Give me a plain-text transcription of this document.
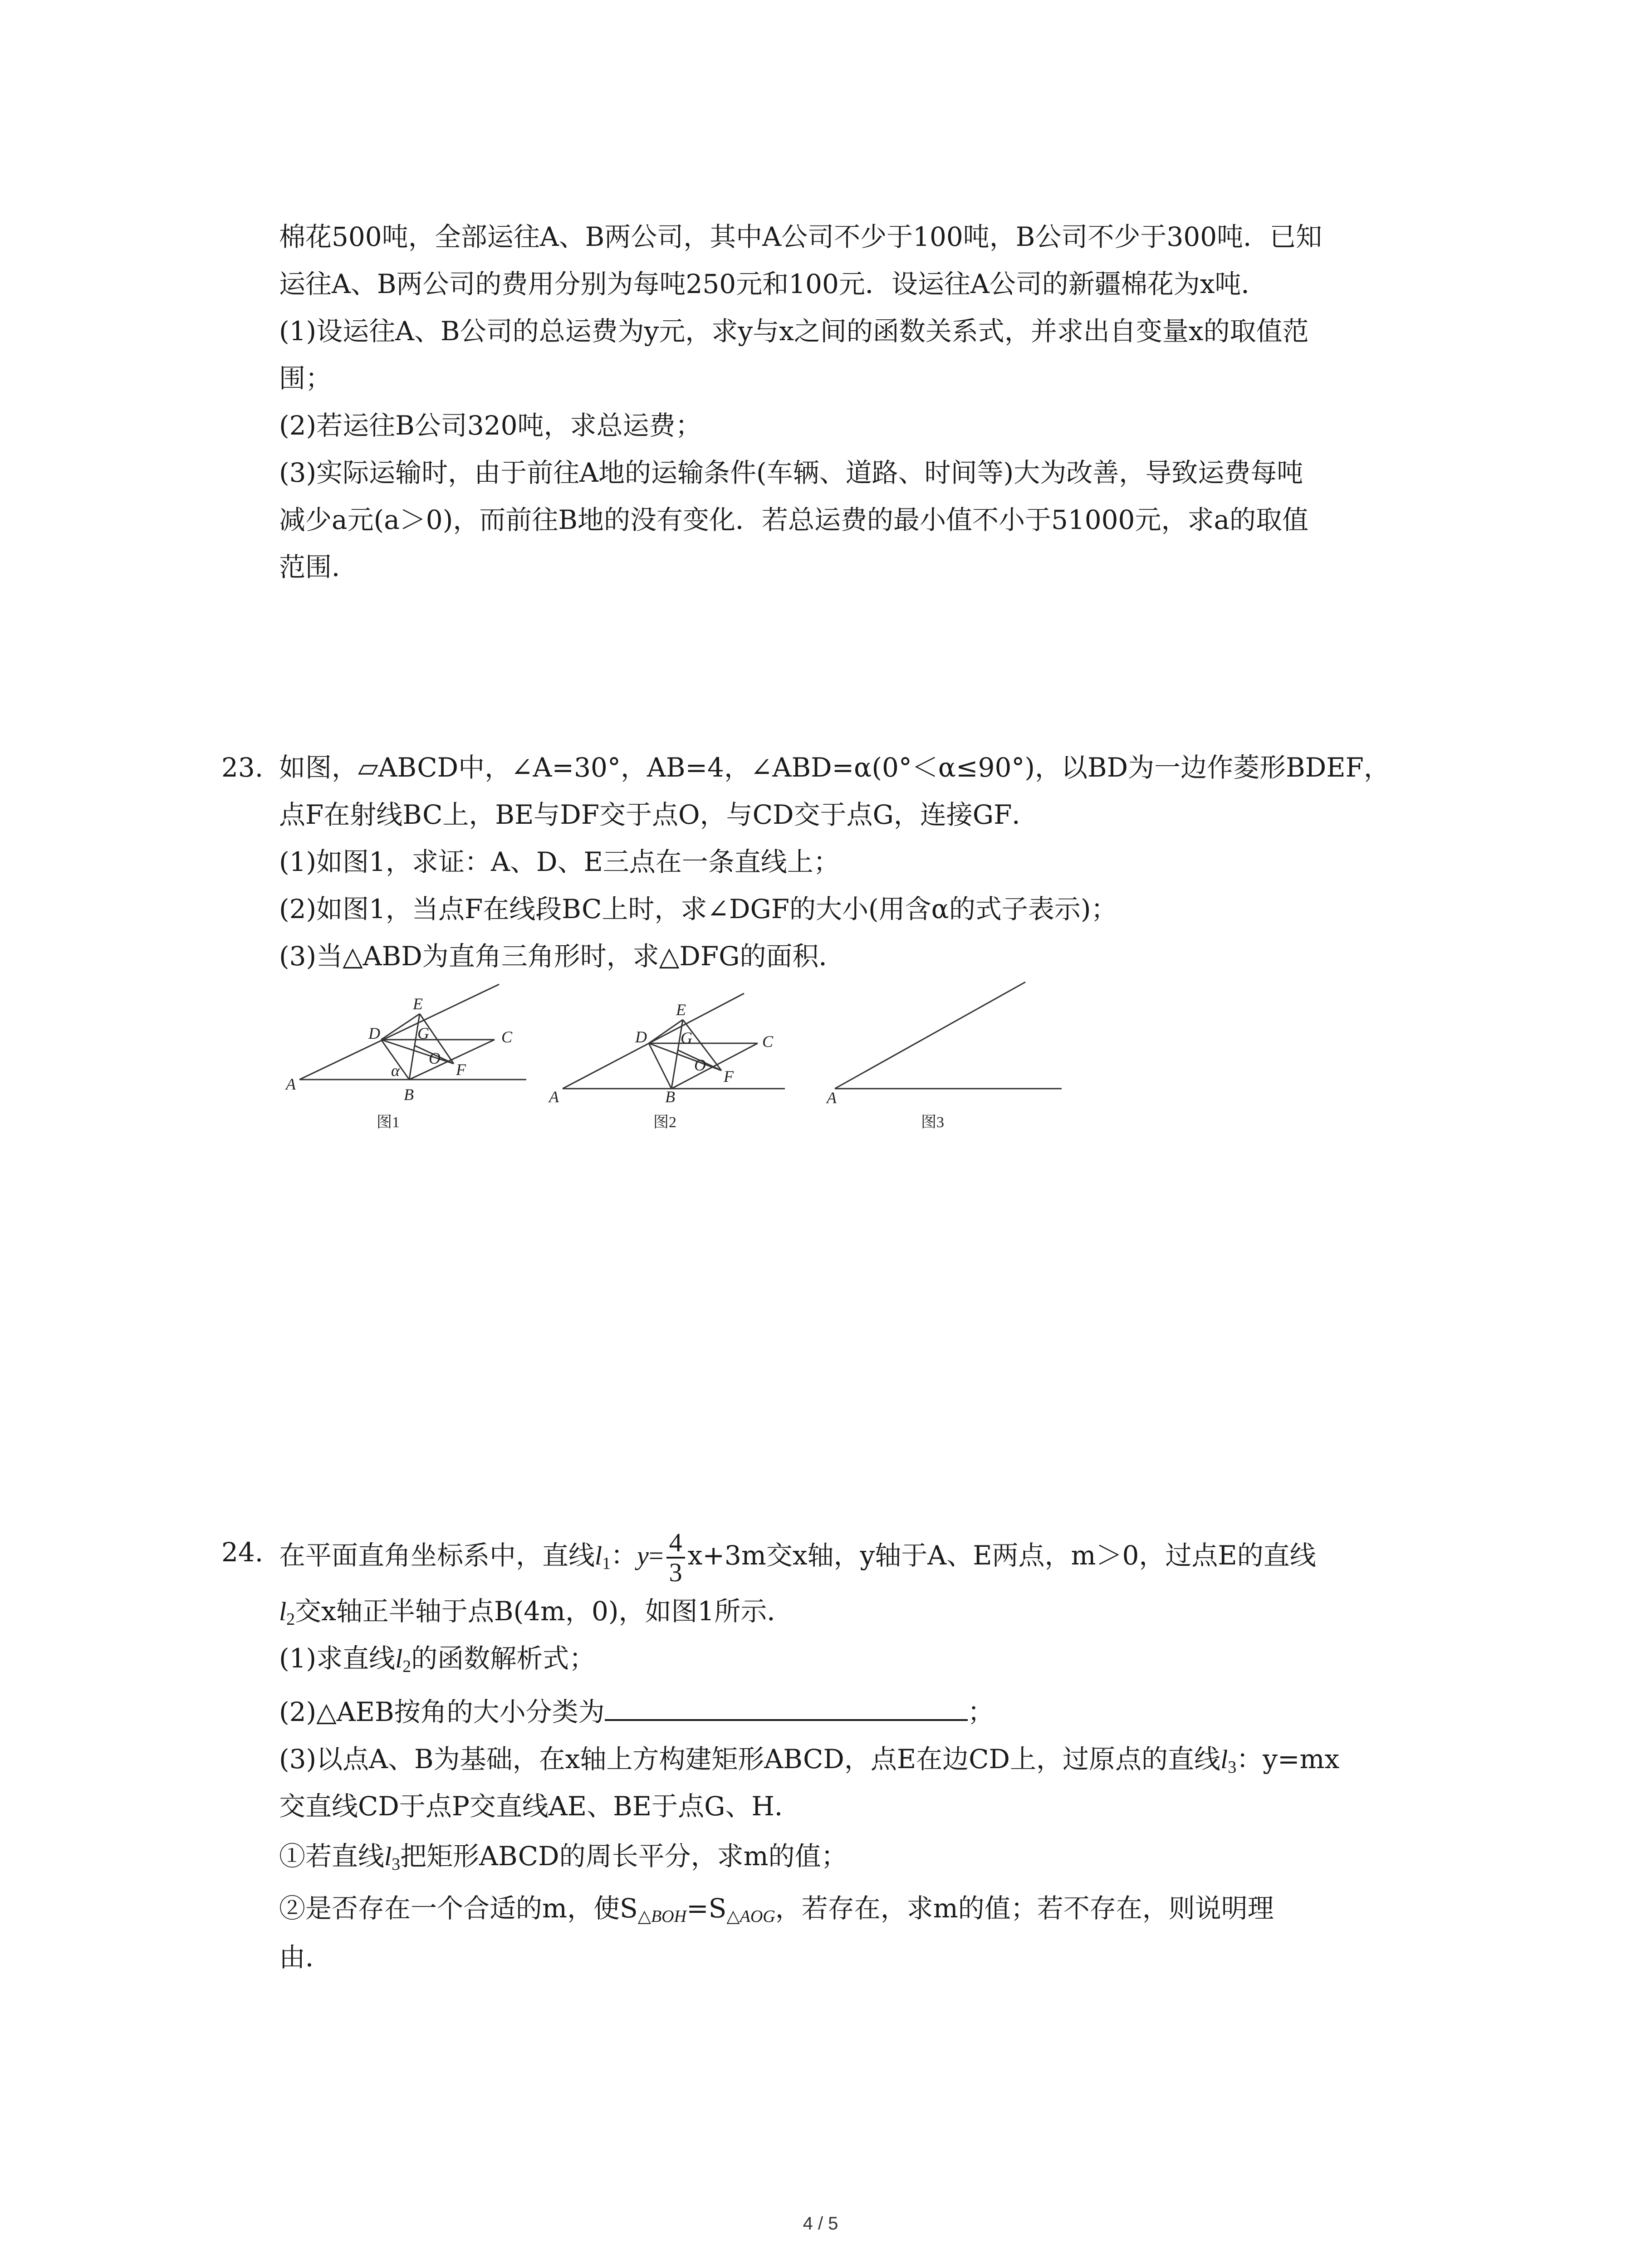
棉花500吨，全部运往A、B两公司，其中A公司不少于100吨，B公司不少于300吨．已知
运往A、B两公司的费用分别为每吨250元和100元．设运往A公司的新疆棉花为x吨．
(1)设运往A、B公司的总运费为y元，求y与x之间的函数关系式，并求出自变量x的取值范
围；
(2)若运往B公司320吨，求总运费；
(3)实际运输时，由于前往A地的运输条件(车辆、道路、时间等)大为改善，导致运费每吨
减少a元(a＞0)，而前往B地的没有变化．若总运费的最小值不小于51000元，求a的取值
范围．
23. 如图，▱ABCD中，∠A=30°，AB=4，∠ABD=α(0°＜α≤90°)，以BD为一边作菱形BDEF，
点F在射线BC上，BE与DF交于点O，与CD交于点G，连接GF．
(1)如图1，求证：A、D、E三点在一条直线上；
(2)如图1，当点F在线段BC上时，求∠DGF的大小(用含α的式子表示)；
(3)当△ABD为直角三角形时，求△DFG的面积．
A
B
C
D
E
F
G
O
α
图1
A	B
C
D
E
F
G
O
图2
A
图3
24. 在平面直角坐标系中，直线$l_1$：$y= \frac{4}{3} x+3m$交x轴，y轴于A、E两点，m＞0，过点E的直线
$l_2$交x轴正半轴于点B(4m，0)，如图1所示．
(1)求直线$l_2$的函数解析式；
(2)△AEB按角的大小分类为	；
(3)以点A、B为基础，在x轴上方构建矩形ABCD，点E在边CD上，过原点的直线$l_3$：y=mx
交直线CD于点P交直线AE、BE于点G、H．
①若直线$l_3$把矩形ABCD的周长平分，求m的值；
②是否存在一个合适的m，使$S_{\triangle BOH}=S_{\triangle AOG}$，若存在，求m的值；若不存在，则说明理
由．
4 / 5
